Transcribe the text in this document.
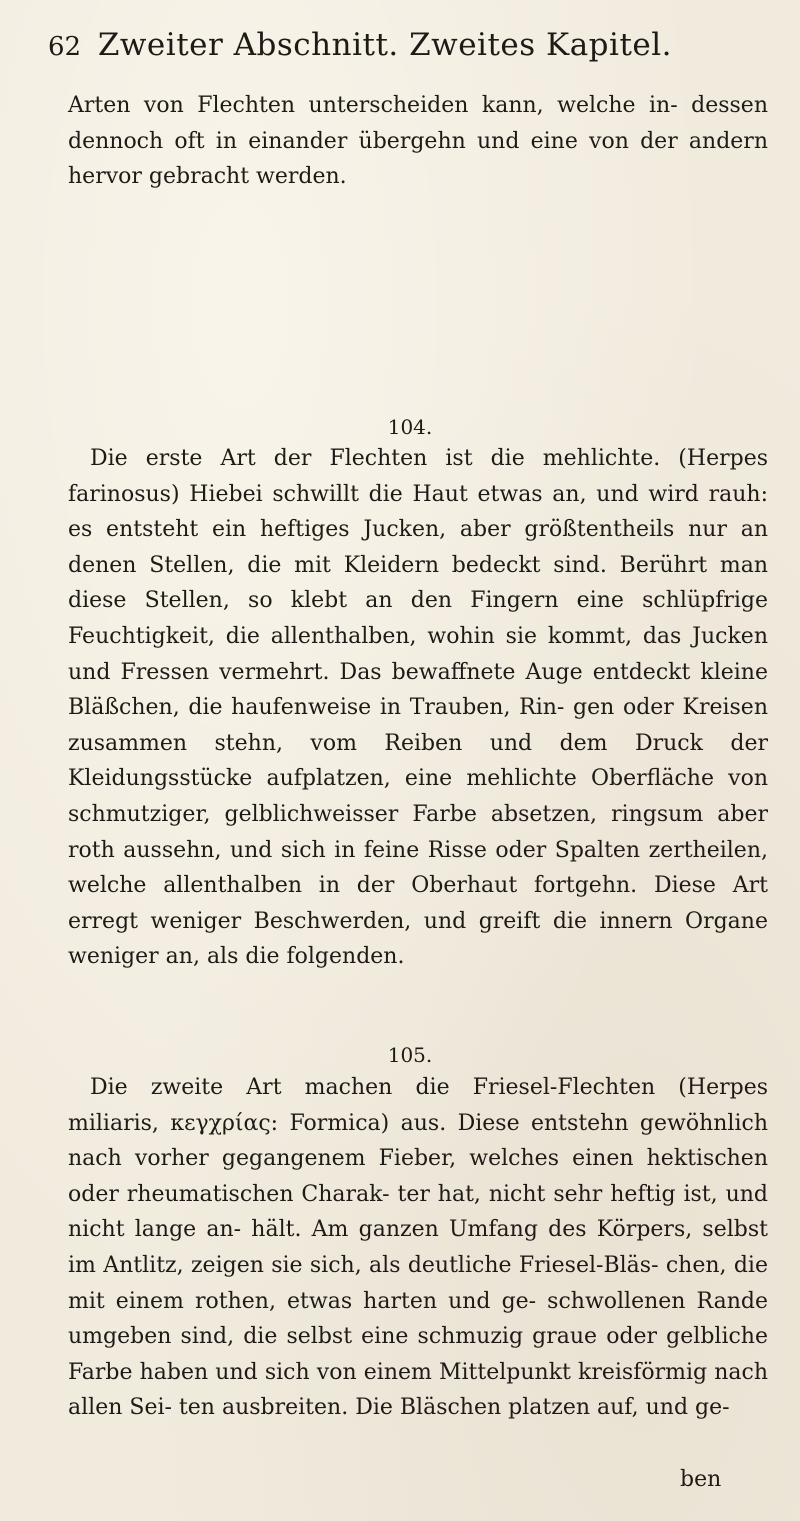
62 Zweiter Abschnitt. Zweites Kapitel.

Arten von Flechten unterscheiden kann, welche in- dessen dennoch oft in einander übergehn und eine von der andern hervor gebracht werden.

104.

Die erste Art der Flechten ist die mehlichte. (Herpes farinosus) Hiebei schwillt die Haut etwas an, und wird rauh: es entsteht ein heftiges Jucken, aber größtentheils nur an denen Stellen, die mit Kleidern bedeckt sind. Berührt man diese Stellen, so klebt an den Fingern eine schlüpfrige Feuchtigkeit, die allenthalben, wohin sie kommt, das Jucken und Fressen vermehrt. Das bewaffnete Auge entdeckt kleine Bläßchen, die haufenweise in Trauben, Rin- gen oder Kreisen zusammen stehn, vom Reiben und dem Druck der Kleidungsstücke aufplatzen, eine mehlichte Oberfläche von schmutziger, gelblichweisser Farbe absetzen, ringsum aber roth aussehn, und sich in feine Risse oder Spalten zertheilen, welche allenthalben in der Oberhaut fortgehn. Diese Art erregt weniger Beschwerden, und greift die innern Organe weniger an, als die folgenden.

105.

Die zweite Art machen die Friesel-Flechten (Herpes miliaris, κεγχρίας: Formica) aus. Diese entstehn gewöhnlich nach vorher gegangenem Fieber, welches einen hektischen oder rheumatischen Charak- ter hat, nicht sehr heftig ist, und nicht lange an- hält. Am ganzen Umfang des Körpers, selbst im Antlitz, zeigen sie sich, als deutliche Friesel-Bläs- chen, die mit einem rothen, etwas harten und ge- schwollenen Rande umgeben sind, die selbst eine schmuzig graue oder gelbliche Farbe haben und sich von einem Mittelpunkt kreisförmig nach allen Sei- ten ausbreiten. Die Bläschen platzen auf, und ge-

ben
